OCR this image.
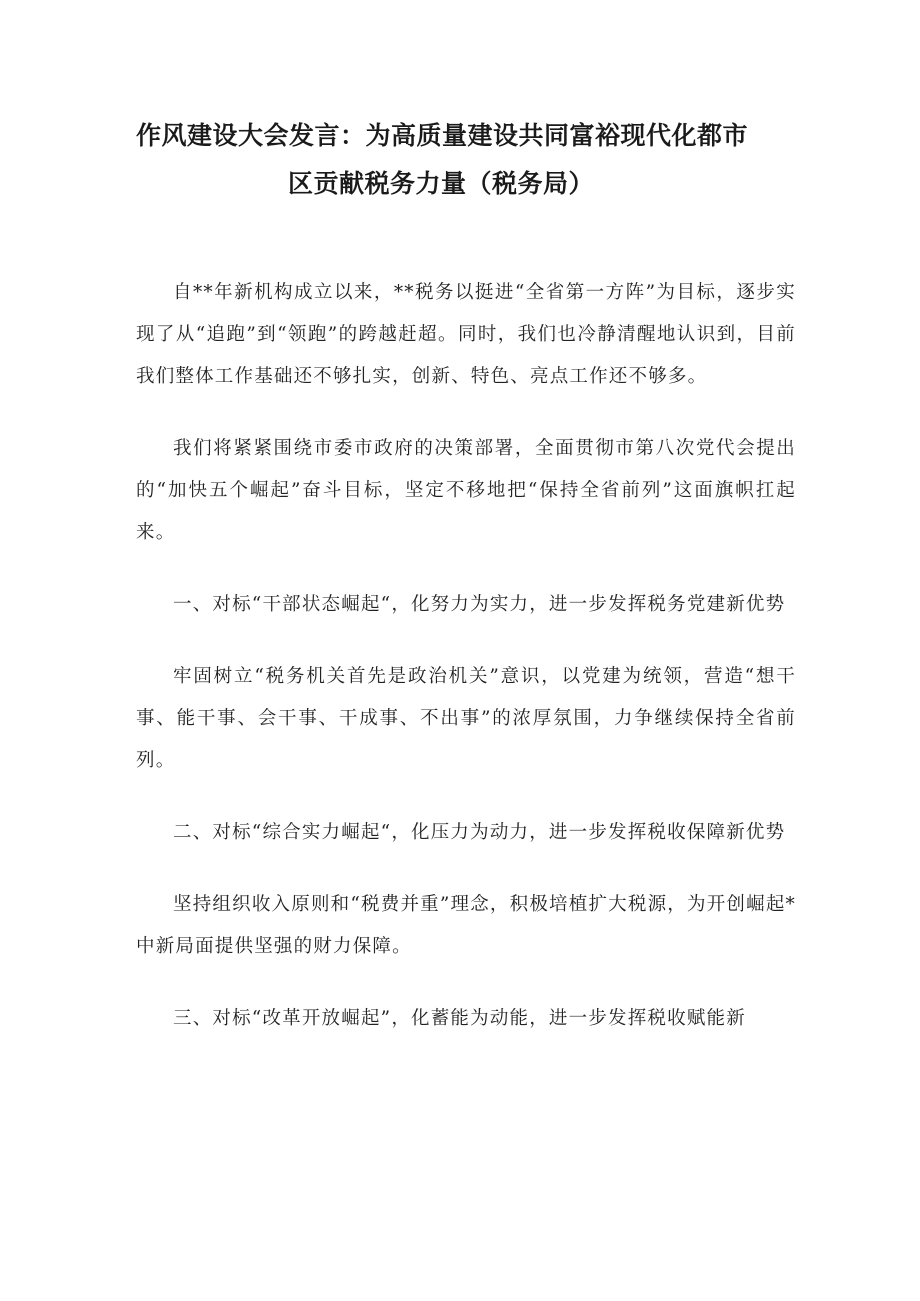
作风建设大会发言：为高质量建设共同富裕现代化都市
区贡献税务力量（税务局）

自**年新机构成立以来，**税务以挺进“全省第一方阵”为目标，逐步实现了从“追跑”到“领跑”的跨越赶超。同时，我们也冷静清醒地认识到，目前我们整体工作基础还不够扎实，创新、特色、亮点工作还不够多。

我们将紧紧围绕市委市政府的决策部署，全面贯彻市第八次党代会提出的“加快五个崛起”奋斗目标，坚定不移地把“保持全省前列”这面旗帜扛起来。

一、对标“干部状态崛起“，化努力为实力，进一步发挥税务党建新优势

牢固树立“税务机关首先是政治机关”意识，以党建为统领，营造“想干事、能干事、会干事、干成事、不出事”的浓厚氛围，力争继续保持全省前列。

二、对标“综合实力崛起“，化压力为动力，进一步发挥税收保障新优势

坚持组织收入原则和“税费并重”理念，积极培植扩大税源，为开创崛起*中新局面提供坚强的财力保障。

三、对标“改革开放崛起”，化蓄能为动能，进一步发挥税收赋能新
